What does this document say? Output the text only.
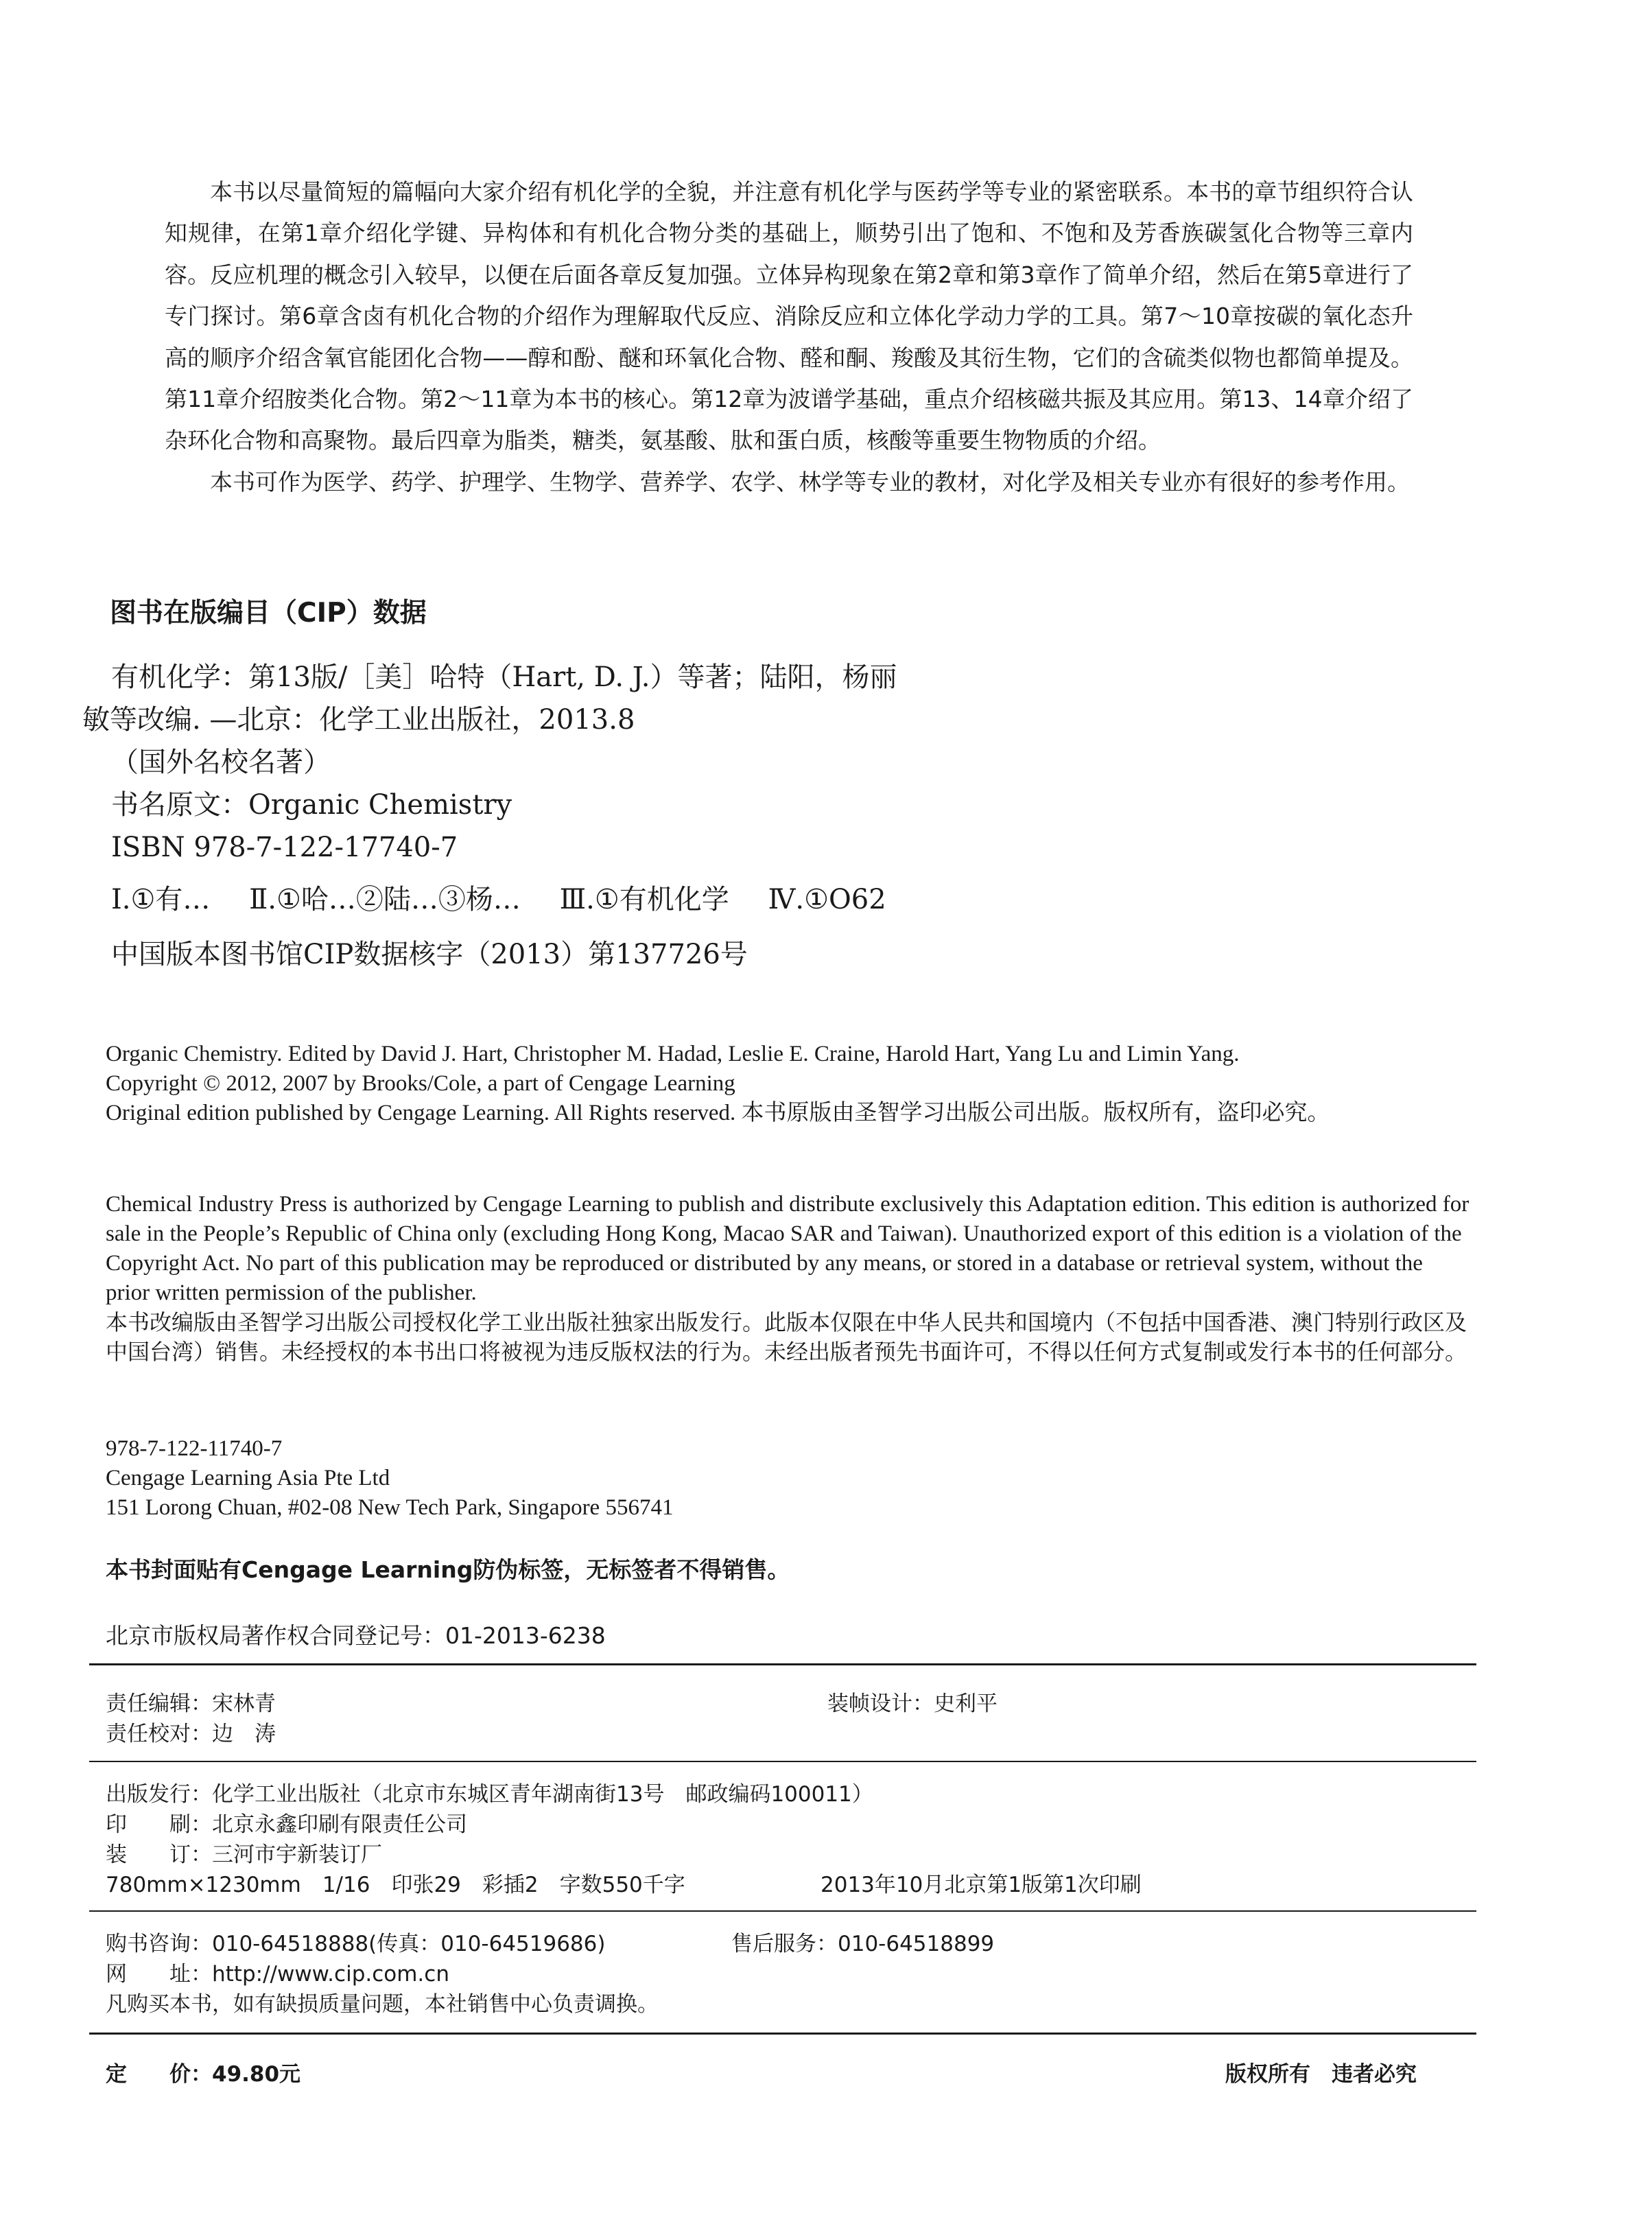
本书以尽量简短的篇幅向大家介绍有机化学的全貌，并注意有机化学与医药学等专业的紧密联系。本书的章节组织符合认知规律，在第1章介绍化学键、异构体和有机化合物分类的基础上，顺势引出了饱和、不饱和及芳香族碳氢化合物等三章内容。反应机理的概念引入较早，以便在后面各章反复加强。立体异构现象在第2章和第3章作了简单介绍，然后在第5章进行了专门探讨。第6章含卤有机化合物的介绍作为理解取代反应、消除反应和立体化学动力学的工具。第7～10章按碳的氧化态升高的顺序介绍含氧官能团化合物——醇和酚、醚和环氧化合物、醛和酮、羧酸及其衍生物，它们的含硫类似物也都简单提及。第11章介绍胺类化合物。第2～11章为本书的核心。第12章为波谱学基础，重点介绍核磁共振及其应用。第13、14章介绍了杂环化合物和高聚物。最后四章为脂类，糖类，氨基酸、肽和蛋白质，核酸等重要生物物质的介绍。

本书可作为医学、药学、护理学、生物学、营养学、农学、林学等专业的教材，对化学及相关专业亦有很好的参考作用。

图书在版编目（CIP）数据
有机化学：第13版/［美］哈特（Hart, D. J.）等著；陆阳，杨丽
敏等改编. —北京：化学工业出版社，2013.8
（国外名校名著）
书名原文：Organic Chemistry
ISBN 978-7-122-17740-7
Ⅰ.①有… Ⅱ.①哈…②陆…③杨… Ⅲ.①有机化学 Ⅳ.①O62
中国版本图书馆CIP数据核字（2013）第137726号

Organic Chemistry. Edited by David J. Hart, Christopher M. Hadad, Leslie E. Craine, Harold Hart, Yang Lu and Limin Yang.

Copyright © 2012, 2007 by Brooks/Cole, a part of Cengage Learning

Original edition published by Cengage Learning. All Rights reserved. 本书原版由圣智学习出版公司出版。版权所有，盗印必究。

Chemical Industry Press is authorized by Cengage Learning to publish and distribute exclusively this Adaptation edition. This edition is authorized for sale in the People’s Republic of China only (excluding Hong Kong, Macao SAR and Taiwan). Unauthorized export of this edition is a violation of the Copyright Act. No part of this publication may be reproduced or distributed by any means, or stored in a database or retrieval system, without the prior written permission of the publisher.

本书改编版由圣智学习出版公司授权化学工业出版社独家出版发行。此版本仅限在中华人民共和国境内（不包括中国香港、澳门特别行政区及中国台湾）销售。未经授权的本书出口将被视为违反版权法的行为。未经出版者预先书面许可，不得以任何方式复制或发行本书的任何部分。

978-7-122-11740-7
Cengage Learning Asia Pte Ltd
151 Lorong Chuan, #02-08 New Tech Park, Singapore 556741
本书封面贴有Cengage Learning防伪标签，无标签者不得销售。
北京市版权局著作权合同登记号：01-2013-6238
责任编辑：宋林青	装帧设计：史利平
责任校对：边　涛
出版发行：化学工业出版社（北京市东城区青年湖南街13号　邮政编码100011）
印　　刷：北京永鑫印刷有限责任公司
装　　订：三河市宇新装订厂
780mm×1230mm　1/16　印张29　彩插2　字数550千字	2013年10月北京第1版第1次印刷
购书咨询：010-64518888(传真：010-64519686)	售后服务：010-64518899
网　　址：http://www.cip.com.cn
凡购买本书，如有缺损质量问题，本社销售中心负责调换。
定　　价：49.80元	版权所有　违者必究
